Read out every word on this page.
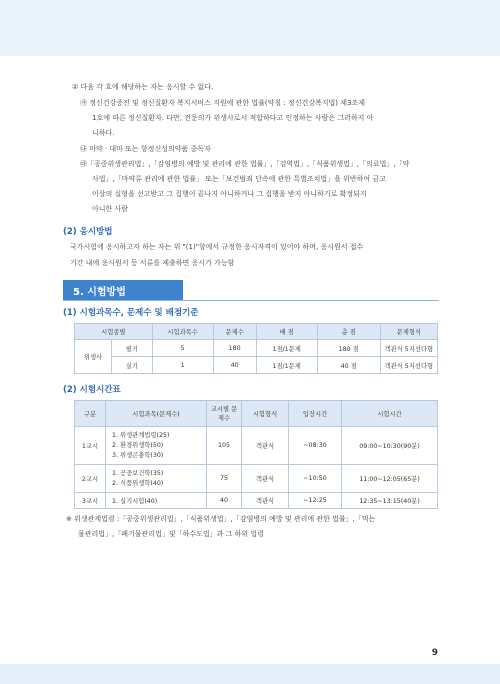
② 다음 각 호에 해당하는 자는 응시할 수 없다.
㉮ 정신건강증진 및 정신질환자 복지서비스 지원에 관한 법률(약칭 : 정신건강복지법) 제3조제
1호에 따른 정신질환자. 다만, 전문의가 위생사로서 적합하다고 인정하는 사람은 그러하지 아
니하다.
㉯ 마약 · 대마 또는 향정신성의약품 중독자
㉰「공중위생관리법」,「감염병의 예방 및 관리에 관한 법률」,「검역법」,「식품위생법」,「의료법」,「약
사법」,「마약류 관리에 관한 법률」 또는「보건범죄 단속에 관한 특별조치법」을 위반하여 금고
이상의 실형을 선고받고 그 집행이 끝나지 아니하거나 그 집행을 받지 아니하기로 확정되지
아니한 사람
(2) 응시방법
국가시험에 응시하고자 하는 자는 위 "(1)"항에서 규정한 응시자격이 있어야 하며, 응시원서 접수
기간 내에 응시원서 등 서류를 제출하면 응시가 가능함
5. 시험방법
(1) 시험과목수, 문제수 및 배점기준
시험종별		시험과목수	문제수	배 점	총 점	문제형식
위생사	필기	5	180	1점/1문제	180 점	객관식 5지선다형
	실기	1	40	1점/1문제	40 점	객관식 5지선다형
(2) 시험시간표
구분	시험과목(문제수)	교시별 문제수	시험형식	입장시간	시험시간
1교시	1. 위생관계법령(25)
2. 환경위생학(50)
3. 위생곤충학(30)	105	객관식	~08:30	09:00~10:30(90분)
2교시	1. 공중보건학(35)
2. 식품위생학(40)	75	객관식	~10:50	11:00~12:05(65분)
3교시	1. 실기시험(40)	40	객관식	~12:25	12:35~13:15(40분)
※ 위생관계법령 :「공중위생관리법」,「식품위생법」,「감염병의 예방 및 관리에 관한 법률」,「먹는
물관리법」,「폐기물관리법」및「하수도법」과 그 하위 법령
9
